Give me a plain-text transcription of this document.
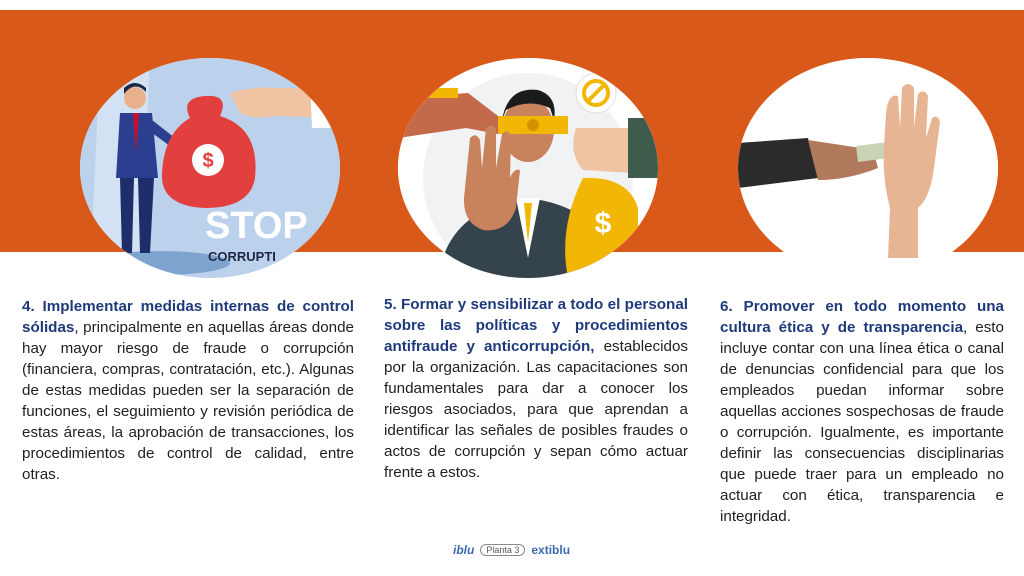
$
STOP
CORRUPTI
$
4. Implementar medidas internas de control sólidas, principalmente en aquellas áreas donde hay mayor riesgo de fraude o corrupción (financiera, compras, contratación, etc.). Algunas de estas medidas pueden ser la separación de funciones, el seguimiento y revisión periódica de estas áreas, la aprobación de transacciones, los procedimientos de control de calidad, entre otras.
5. Formar y sensibilizar a todo el personal sobre las políticas y procedimientos antifraude y anticorrupción, establecidos por la organización. Las capacitaciones son fundamentales para dar a conocer los riesgos asociados, para que aprendan a identificar las señales de posibles fraudes o actos de corrupción y sepan cómo actuar frente a estos.
6. Promover en todo momento una cultura ética y de transparencia, esto incluye contar con una línea ética o canal de denuncias confidencial para que los empleados puedan informar sobre aquellas acciones sospechosas de fraude o corrupción. Igualmente, es importante definir las consecuencias disciplinarias que puede traer para un empleado no actuar con ética, transparencia e integridad.
iblu	Planta 3	extiblu
